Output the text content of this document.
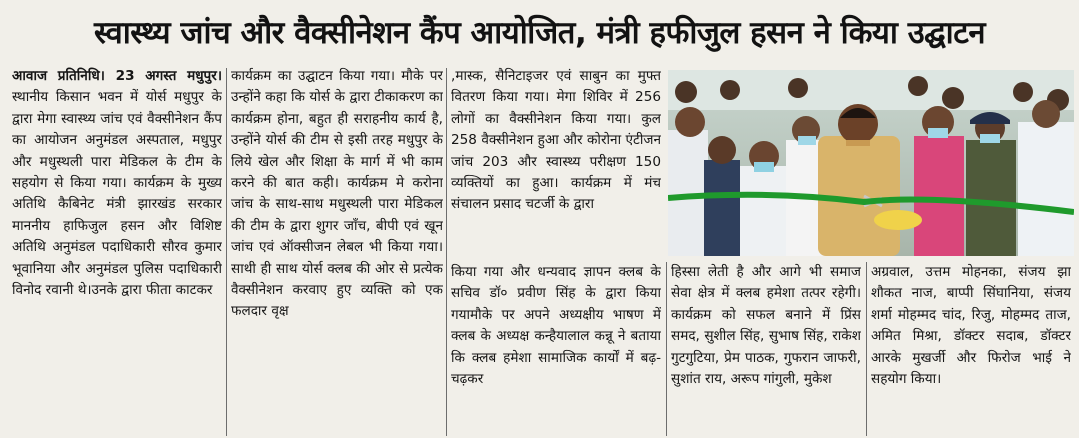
स्वास्थ्य जांच और वैक्सीनेशन कैंप आयोजित, मंत्री हफीजुल हसन ने किया उद्घाटन
आवाज प्रतिनिधि। 23 अगस्त मधुपुर। स्थानीय किसान भवन में योर्स मधुपुर के द्वारा मेगा स्वास्थ्य जांच एवं वैक्सीनेशन कैंप का आयोजन अनुमंडल अस्पताल, मधुपुर और मधुस्थली पारा मेडिकल के टीम के सहयोग से किया गया। कार्यक्रम के मुख्य अतिथि कैबिनेट मंत्री झारखंड सरकार माननीय हाफिजुल हसन और विशिष्ट अतिथि अनुमंडल पदाधिकारी सौरव कुमार भूवानिया और अनुमंडल पुलिस पदाधिकारी विनोद रवानी थे।उनके द्वारा फीता काटकर
कार्यक्रम का उद्घाटन किया गया। मौके पर उन्होंने कहा कि योर्स के द्वारा टीकाकरण का कार्यक्रम होना, बहुत ही सराहनीय कार्य है, उन्होंने योर्स की टीम से इसी तरह मधुपुर के लिये खेल और शिक्षा के मार्ग में भी काम करने की बात कही। कार्यक्रम मे करोना जांच के साथ-साथ मधुस्थली पारा मेडिकल की टीम के द्वारा शुगर जाँच, बीपी एवं खून जांच एवं ऑक्सीजन लेबल भी किया गया। साथी ही साथ योर्स क्लब की ओर से प्रत्येक वैक्सीनेशन करवाए हुए व्यक्ति को एक फलदार वृक्ष
,मास्क, सैनिटाइजर एवं साबुन का मुफ्त वितरण किया गया। मेगा शिविर में 256 लोगों का वैक्सीनेशन किया गया। कुल 258 वैक्सीनेशन हुआ और कोरोना एंटीजन जांच 203 और स्वास्थ्य परीक्षण 150 व्यक्तियों का हुआ। कार्यक्रम में मंच संचालन प्रसाद चटर्जी के द्वारा
किया गया और धन्यवाद ज्ञापन क्लब के सचिव डॉ० प्रवीण सिंह के द्वारा किया गयामौके पर अपने अध्यक्षीय भाषण में क्लब के अध्यक्ष कन्हैयालाल कन्नू ने बताया कि क्लब हमेशा सामाजिक कार्यों में बढ़-चढ़कर
हिस्सा लेती है और आगे भी समाज सेवा क्षेत्र में क्लब हमेशा तत्पर रहेगी। कार्यक्रम को सफल बनाने में प्रिंस समद, सुशील सिंह, सुभाष सिंह, राकेश गुटगुटिया, प्रेम पाठक, गुफरान जाफरी, सुशांत राय, अरूप गांगुली, मुकेश
अग्रवाल, उत्तम मोहनका, संजय झा शौकत नाज, बाप्पी सिंघानिया, संजय शर्मा मोहम्मद चांद, रिजु, मोहम्मद ताज, अमित मिश्रा, डॉक्टर सदाब, डॉक्टर आरके मुखर्जी और फिरोज भाई ने सहयोग किया।
